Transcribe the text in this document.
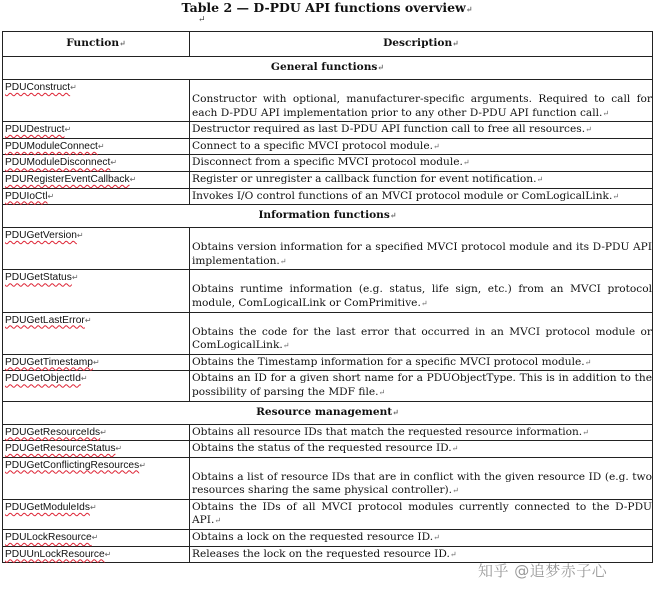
Table 2 — D-PDU API functions overview↵
↵
Function↵	Description↵
General functions↵	
PDUConstruct↵	Constructor with optional, manufacturer-specific arguments. Required to call for each D-PDU API implementation prior to any other D-PDU API function call.↵
PDUDestruct↵	Destructor required as last D-PDU API function call to free all resources.↵
PDUModuleConnect↵	Connect to a specific MVCI protocol module.↵
PDUModuleDisconnect↵	Disconnect from a specific MVCI protocol module.↵
PDURegisterEventCallback↵	Register or unregister a callback function for event notification.↵
PDUIoCtl↵	Invokes I/O control functions of an MVCI protocol module or ComLogicalLink.↵
Information functions↵	
PDUGetVersion↵	Obtains version information for a specified MVCI protocol module and its D-PDU API implementation.↵
PDUGetStatus↵	Obtains runtime information (e.g. status, life sign, etc.) from an MVCI protocol module, ComLogicalLink or ComPrimitive.↵
PDUGetLastError↵	Obtains the code for the last error that occurred in an MVCI protocol module or ComLogicalLink.↵
PDUGetTimestamp↵	Obtains the Timestamp information for a specific MVCI protocol module.↵
PDUGetObjectId↵	Obtains an ID for a given short name for a PDUObjectType. This is in addition to the possibility of parsing the MDF file.↵
Resource management↵	
PDUGetResourceIds↵	Obtains all resource IDs that match the requested resource information.↵
PDUGetResourceStatus↵	Obtains the status of the requested resource ID.↵
PDUGetConflictingResources↵	Obtains a list of resource IDs that are in conflict with the given resource ID (e.g. two resources sharing the same physical controller).↵
PDUGetModuleIds↵	Obtains the IDs of all MVCI protocol modules currently connected to the D-PDU API.↵
PDULockResource↵	Obtains a lock on the requested resource ID.↵
PDUUnLockResource↵	Releases the lock on the requested resource ID.↵
知乎 @追梦赤子心
